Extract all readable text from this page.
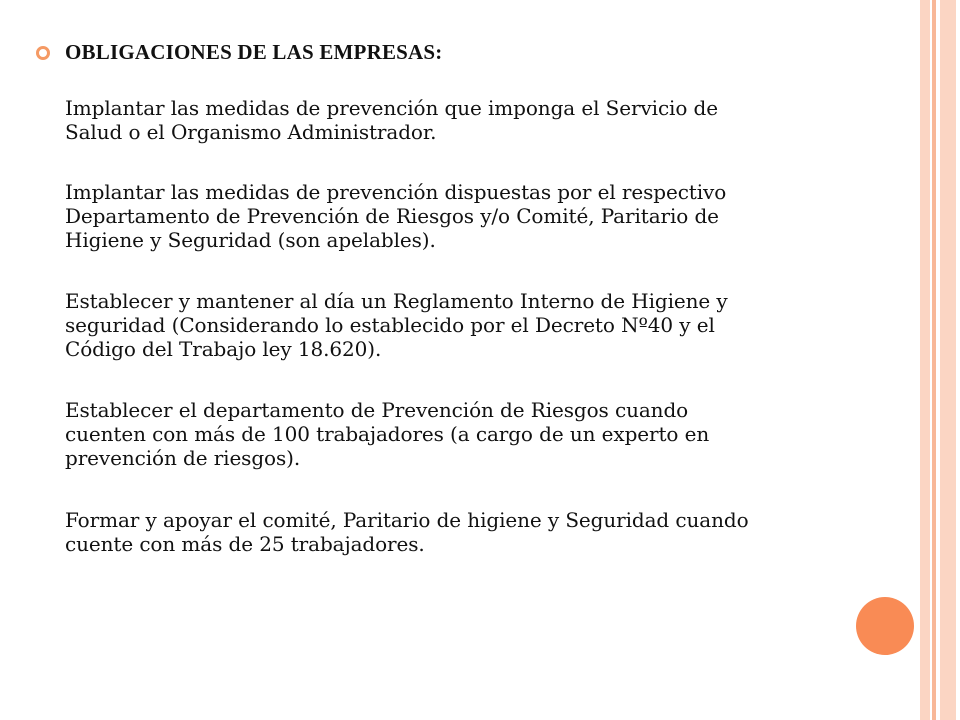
OBLIGACIONES DE LAS EMPRESAS:
Implantar las medidas de prevención que imponga el Servicio de
Salud o el Organismo Administrador.
Implantar las medidas de prevención dispuestas por el respectivo
Departamento de Prevención de Riesgos y/o Comité, Paritario de
Higiene y Seguridad (son apelables).
Establecer y mantener al día un Reglamento Interno de Higiene y
seguridad (Considerando lo establecido por el Decreto Nº40 y el
Código del Trabajo ley 18.620).
Establecer el departamento de Prevención de Riesgos cuando
cuenten con más de 100 trabajadores (a cargo de un experto en
prevención de riesgos).
Formar y apoyar el comité, Paritario de higiene y Seguridad cuando
cuente con más de 25 trabajadores.
